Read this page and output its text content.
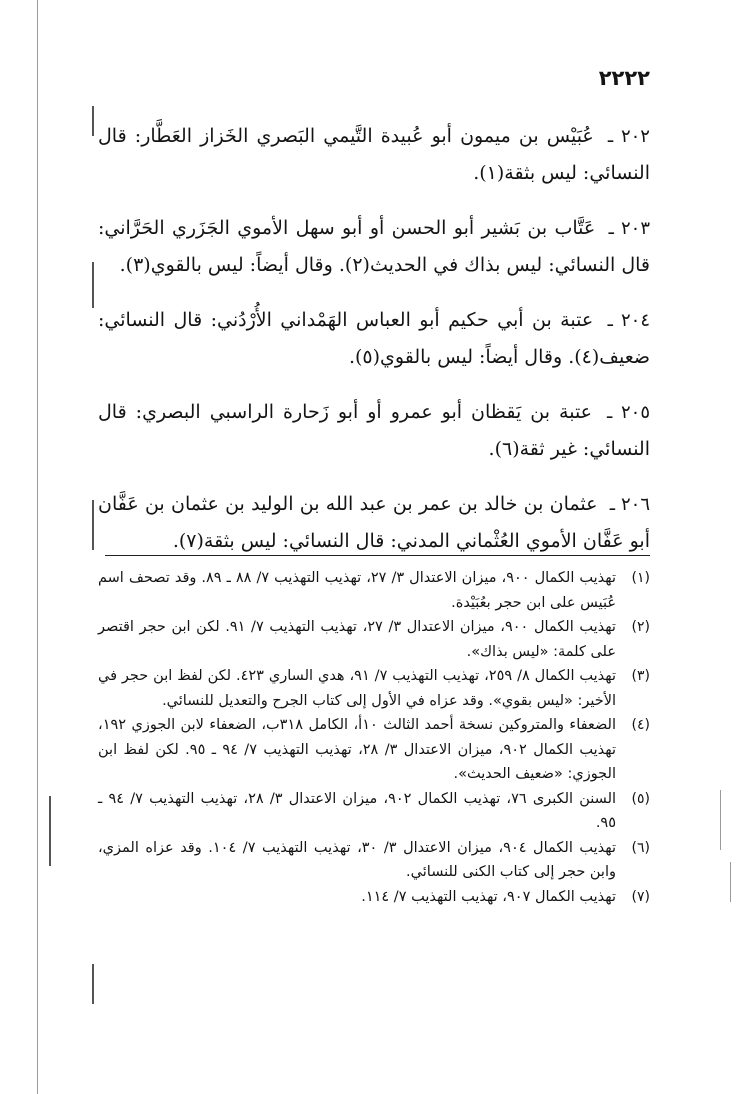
٢٢٢٢

٢٠٢ ـ عُبَيْس بن ميمون أبو عُبيدة التَّيمي البَصري الخَزاز العَطَّار: قال النسائي: ليس بثقة(١).

٢٠٣ ـ عَتَّاب بن بَشير أبو الحسن أو أبو سهل الأموي الجَزَري الحَرَّاني: قال النسائي: ليس بذاك في الحديث(٢). وقال أيضاً: ليس بالقوي(٣).

٢٠٤ ـ عتبة بن أبي حكيم أبو العباس الهَمْداني الأُرْدُني: قال النسائي: ضعيف(٤). وقال أيضاً: ليس بالقوي(٥).

٢٠٥ ـ عتبة بن يَقظان أبو عمرو أو أبو زَحارة الراسبي البصري: قال النسائي: غير ثقة(٦).

٢٠٦ ـ عثمان بن خالد بن عمر بن عبد الله بن الوليد بن عثمان بن عَفَّان أبو عَفَّان الأموي العُثْماني المدني: قال النسائي: ليس بثقة(٧).

(١)
تهذيب الكمال ٩٠٠، ميزان الاعتدال ٣/ ٢٧، تهذيب التهذيب ٧/ ٨٨ ـ ٨٩. وقد تصحف اسم عُبَيس على ابن حجر بعُبَيْدة.
(٢)
تهذيب الكمال ٩٠٠، ميزان الاعتدال ٣/ ٢٧، تهذيب التهذيب ٧/ ٩١. لكن ابن حجر اقتصر على كلمة: «ليس بذاك».
(٣)
تهذيب الكمال ٨/ ٢٥٩، تهذيب التهذيب ٧/ ٩١، هدي الساري ٤٢٣. لكن لفظ ابن حجر في الأخير: «ليس بقوي». وقد عزاه في الأول إلى كتاب الجرح والتعديل للنسائي.
(٤)
الضعفاء والمتروكين نسخة أحمد الثالث ١٠أ، الكامل ٣١٨ب، الضعفاء لابن الجوزي ١٩٢، تهذيب الكمال ٩٠٢، ميزان الاعتدال ٣/ ٢٨، تهذيب التهذيب ٧/ ٩٤ ـ ٩٥. لكن لفظ ابن الجوزي: «ضعيف الحديث».
(٥)
السنن الكبرى ٧٦، تهذيب الكمال ٩٠٢، ميزان الاعتدال ٣/ ٢٨، تهذيب التهذيب ٧/ ٩٤ ـ ٩٥.
(٦)
تهذيب الكمال ٩٠٤، ميزان الاعتدال ٣/ ٣٠، تهذيب التهذيب ٧/ ١٠٤. وقد عزاه المزي، وابن حجر إلى كتاب الكنى للنسائي.
(٧)
تهذيب الكمال ٩٠٧، تهذيب التهذيب ٧/ ١١٤.
